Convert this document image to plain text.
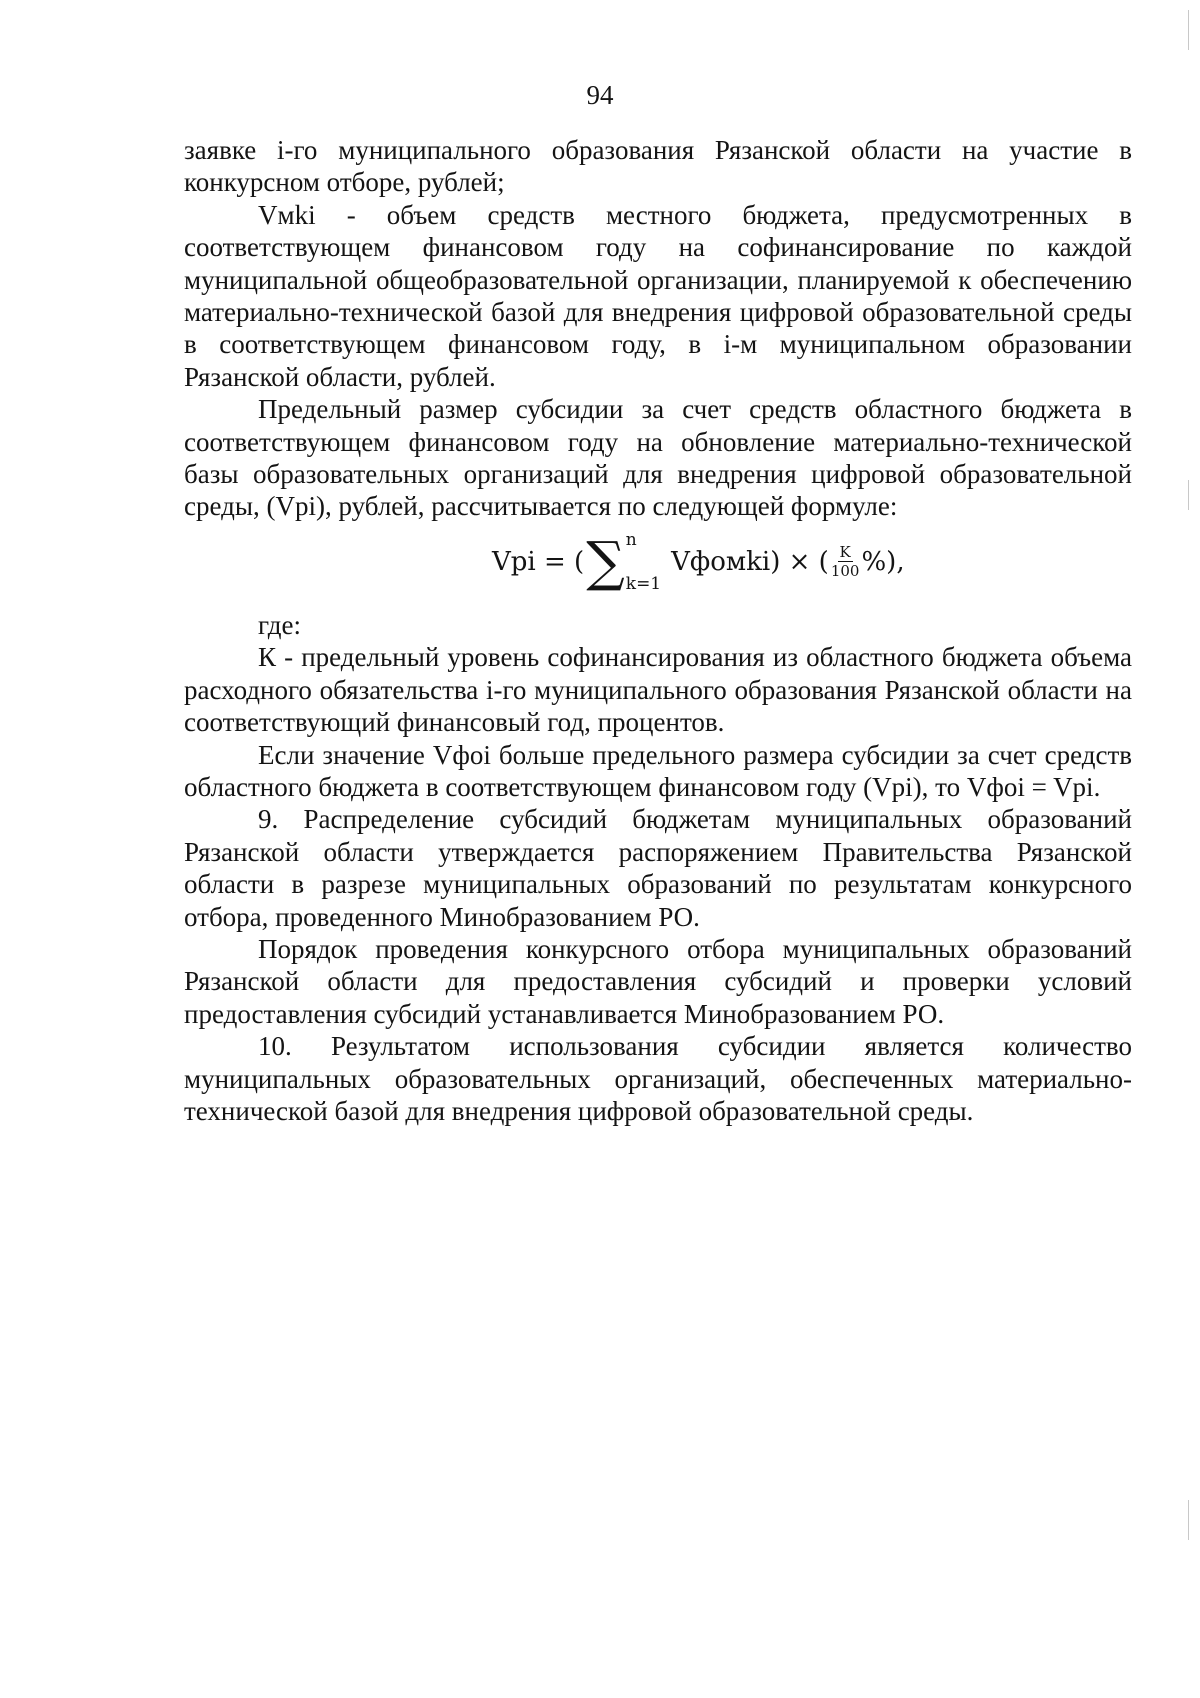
94

заявке i-го муниципального образования Рязанской области на участие в конкурсном отборе, рублей;

Vмki - объем средств местного бюджета, предусмотренных в соответствующем финансовом году на софинансирование по каждой муниципальной общеобразовательной организации, планируемой к обеспечению материально-технической базой для внедрения цифровой образовательной среды в соответствующем финансовом году, в i-м муниципальном образовании Рязанской области, рублей.

Предельный размер субсидии за счет средств областного бюджета в соответствующем финансовом году на обновление материально-технической базы образовательных организаций для внедрения цифровой образовательной среды, (Vpi), рублей, рассчитывается по следующей формуле:

Vpi = ( ∑ n
k=1
Vфомki) × ( $\frac{K}{100}$ %),

где:

К - предельный уровень софинансирования из областного бюджета объема расходного обязательства i-го муниципального образования Рязанской области на соответствующий финансовый год, процентов.

Если значение Vфоi больше предельного размера субсидии за счет средств областного бюджета в соответствующем финансовом году (Vpi), то Vфоi = Vpi.

9. Распределение субсидий бюджетам муниципальных образований Рязанской области утверждается распоряжением Правительства Рязанской области в разрезе муниципальных образований по результатам конкурсного отбора, проведенного Минобразованием РО.

Порядок проведения конкурсного отбора муниципальных образований Рязанской области для предоставления субсидий и проверки условий предоставления субсидий устанавливается Минобразованием РО.

10. Результатом использования субсидии является количество муниципальных образовательных организаций, обеспеченных материально-технической базой для внедрения цифровой образовательной среды.
